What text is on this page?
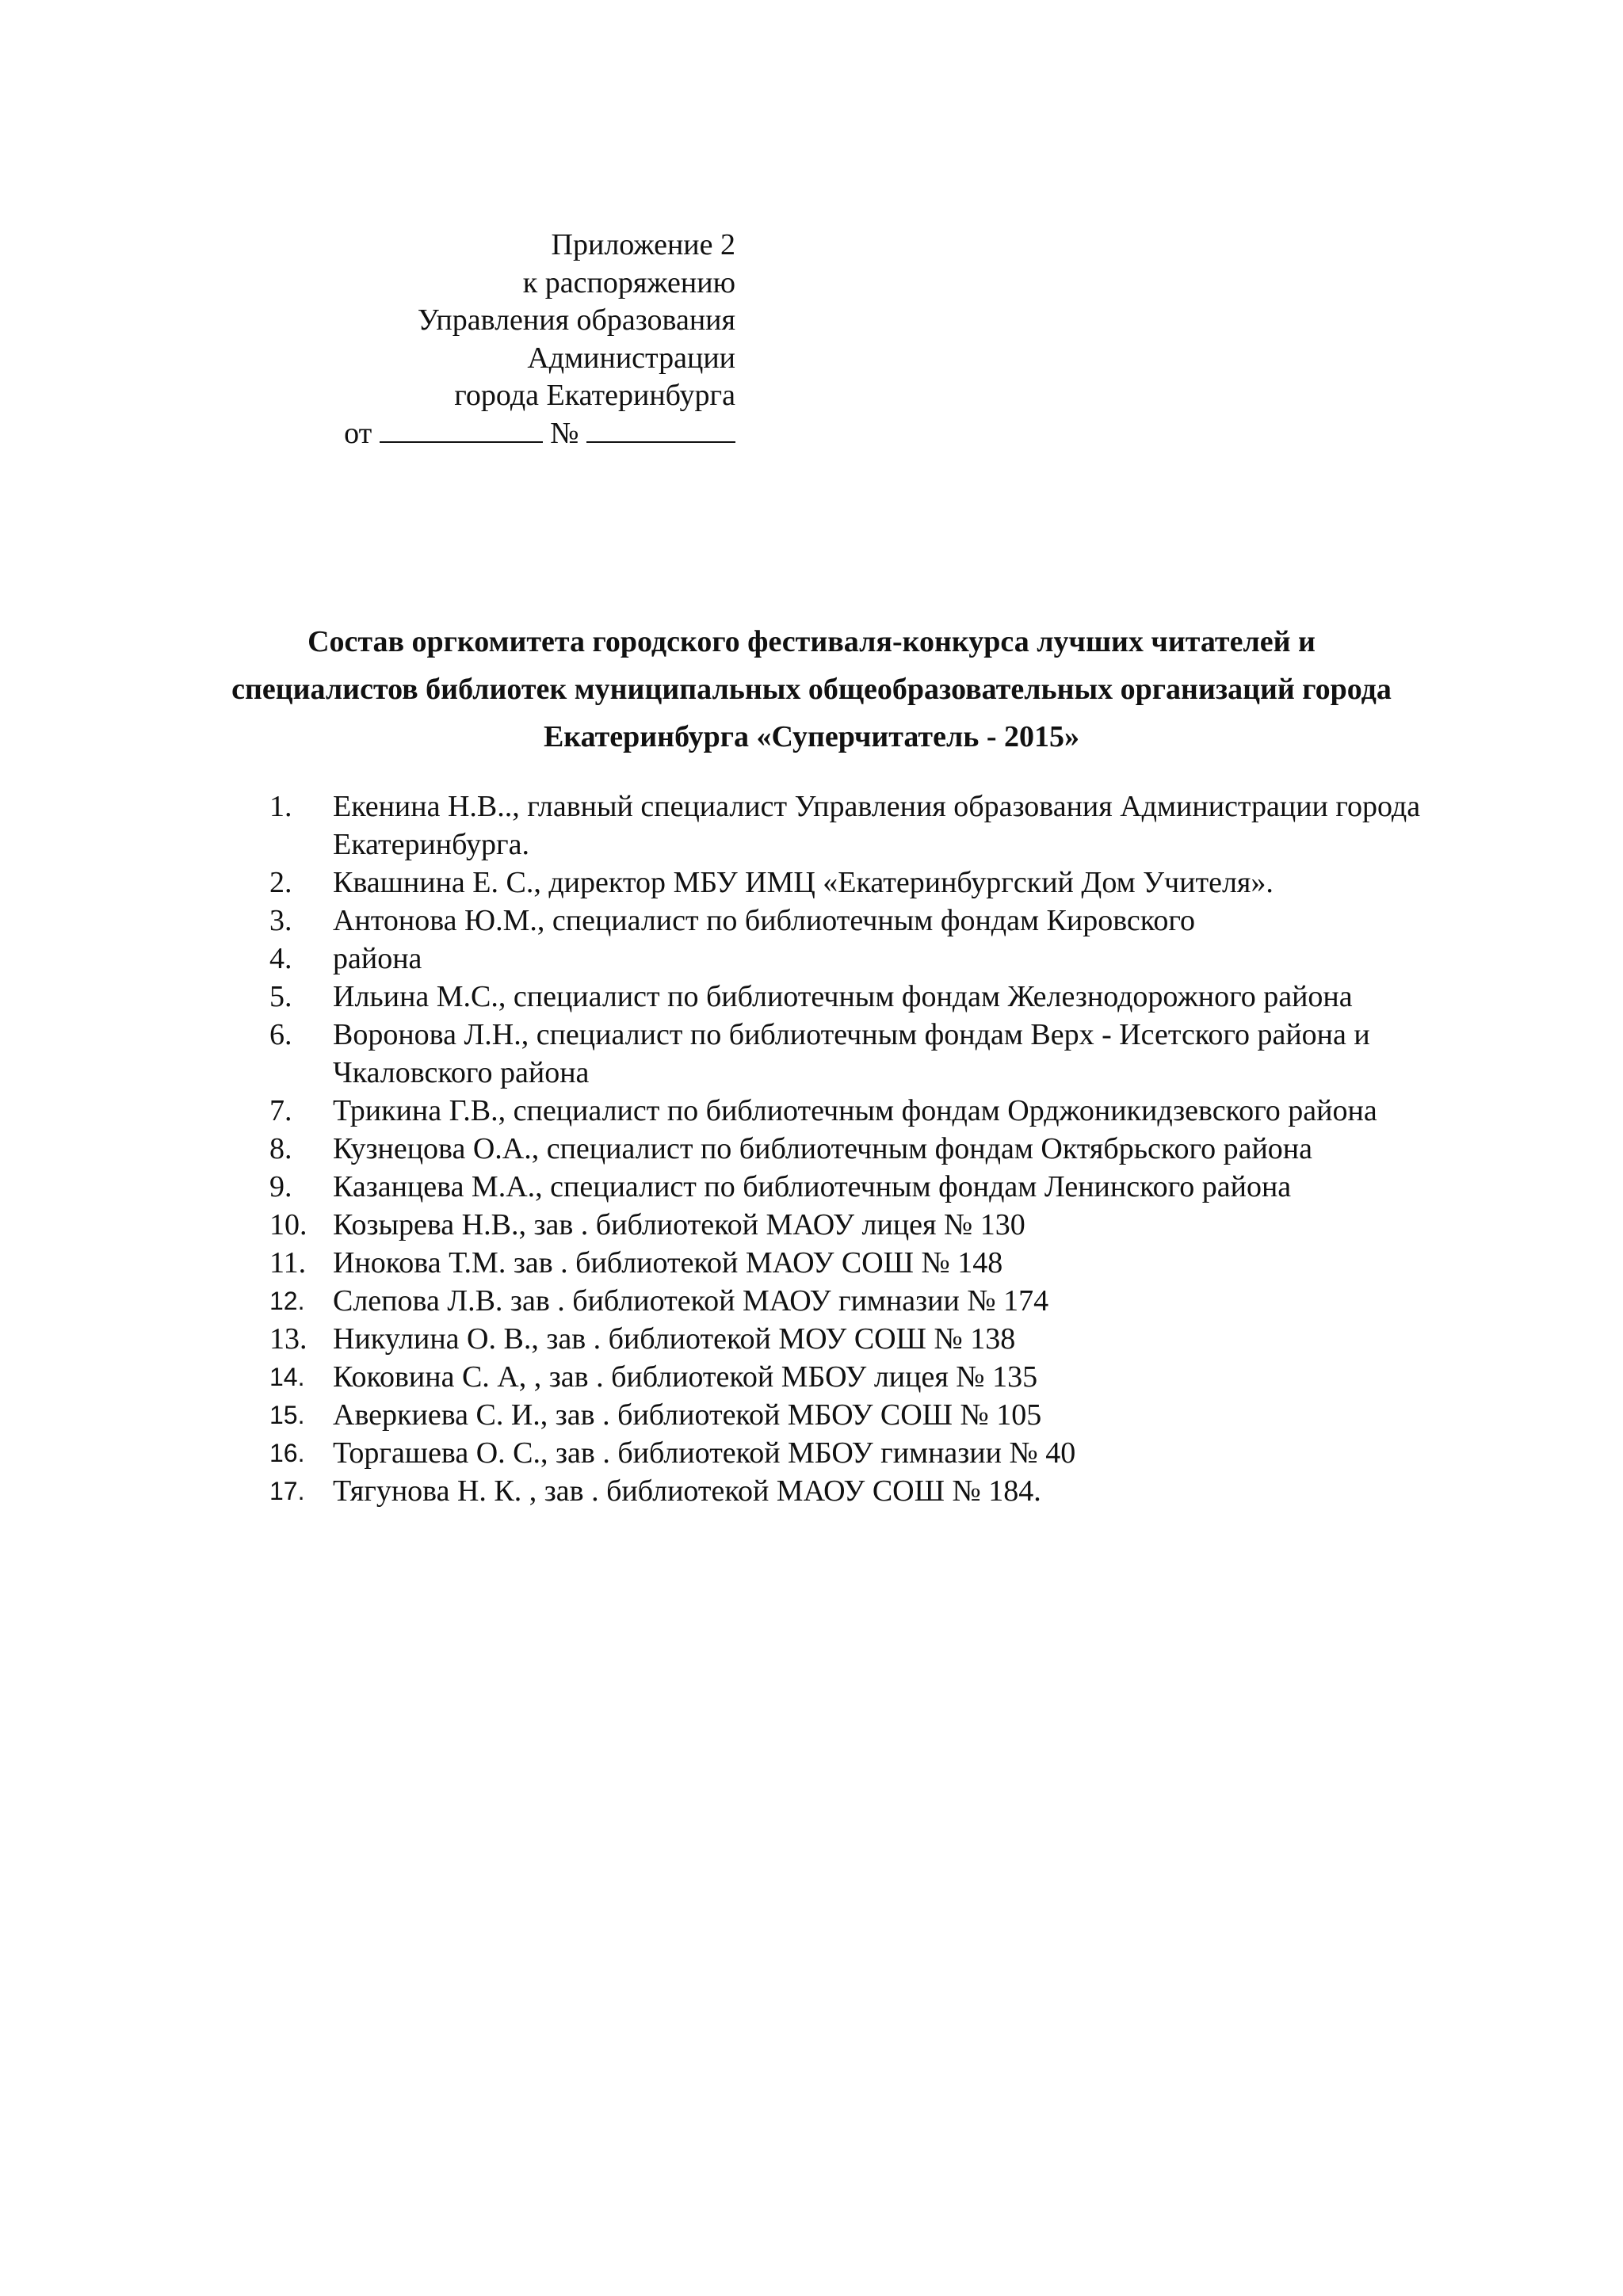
Приложение 2
к распоряжению
Управления образования
Администрации
города Екатеринбурга
от	№
Состав оргкомитета городского фестиваля-конкурса лучших читателей и
специалистов библиотек муниципальных общеобразовательных организаций города
Екатеринбурга «Суперчитатель - 2015»
1. Екенина Н.В.., главный специалист Управления образования Администрации города Екатеринбурга.
2. Квашнина Е. С., директор МБУ ИМЦ «Екатеринбургский Дом Учителя».
3. Антонова Ю.М., специалист по библиотечным фондам Кировского
4. района
5. Ильина М.С., специалист по библиотечным фондам Железнодорожного района
6. Воронова Л.Н., специалист по библиотечным фондам Верх - Исетского района и Чкаловского района
7. Трикина Г.В., специалист по библиотечным фондам Орджоникидзевского района
8. Кузнецова О.А., специалист по библиотечным фондам Октябрьского района
9. Казанцева М.А., специалист по библиотечным фондам Ленинского района
10. Козырева Н.В., зав . библиотекой МАОУ лицея № 130
11. Инокова Т.М. зав . библиотекой МАОУ СОШ № 148
12. Слепова Л.В. зав . библиотекой МАОУ гимназии № 174
13. Никулина О. В., зав . библиотекой МОУ СОШ № 138
14. Коковина С. А, , зав . библиотекой МБОУ лицея № 135
15. Аверкиева С. И., зав . библиотекой МБОУ СОШ № 105
16. Торгашева О. С., зав . библиотекой МБОУ гимназии № 40
17. Тягунова Н. К. , зав . библиотекой МАОУ СОШ № 184.
